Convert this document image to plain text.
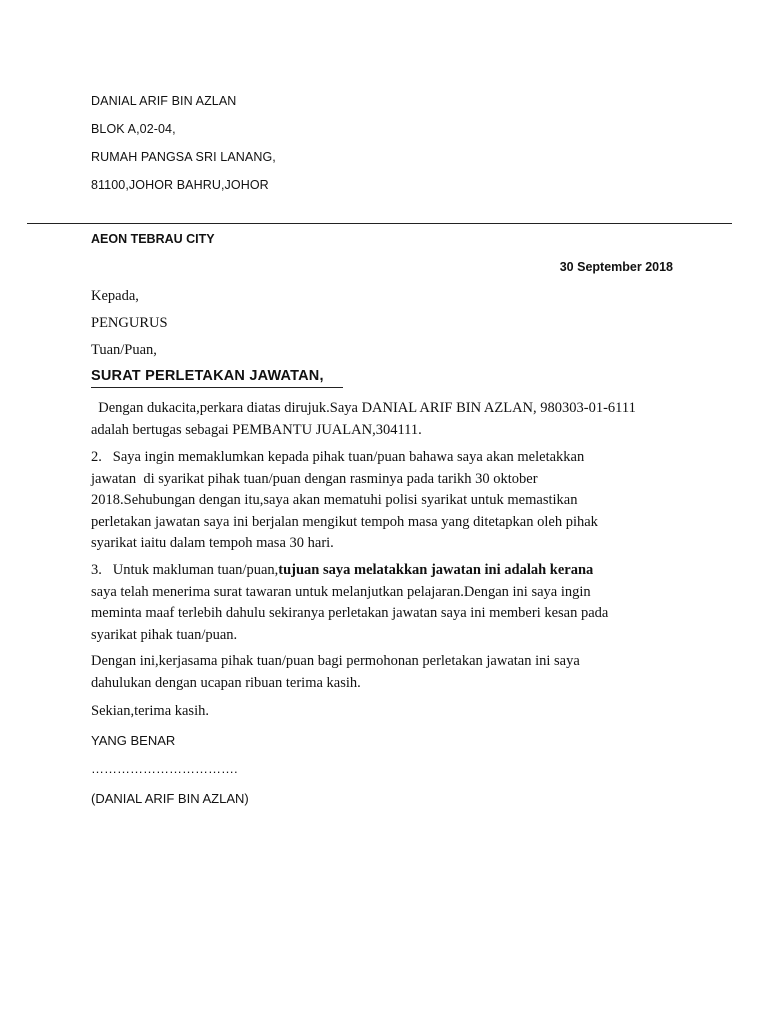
DANIAL ARIF BIN AZLAN
BLOK A,02-04,
RUMAH PANGSA SRI LANANG,
81100,JOHOR BAHRU,JOHOR
AEON TEBRAU CITY
30 September 2018
Kepada,
PENGURUS
Tuan/Puan,
SURAT PERLETAKAN JAWATAN,
Dengan dukacita,perkara diatas dirujuk.Saya DANIAL ARIF BIN AZLAN, 980303-01-6111
adalah bertugas sebagai PEMBANTU JUALAN,304111.
2.   Saya ingin memaklumkan kepada pihak tuan/puan bahawa saya akan meletakkan
jawatan  di syarikat pihak tuan/puan dengan rasminya pada tarikh 30 oktober
2018.Sehubungan dengan itu,saya akan mematuhi polisi syarikat untuk memastikan
perletakan jawatan saya ini berjalan mengikut tempoh masa yang ditetapkan oleh pihak
syarikat iaitu dalam tempoh masa 30 hari.
3.   Untuk makluman tuan/puan,tujuan saya melatakkan jawatan ini adalah kerana
saya telah menerima surat tawaran untuk melanjutkan pelajaran.Dengan ini saya ingin
meminta maaf terlebih dahulu sekiranya perletakan jawatan saya ini memberi kesan pada
syarikat pihak tuan/puan.
Dengan ini,kerjasama pihak tuan/puan bagi permohonan perletakan jawatan ini saya
dahulukan dengan ucapan ribuan terima kasih.
Sekian,terima kasih.
YANG BENAR
…………………………….
(DANIAL ARIF BIN AZLAN)
